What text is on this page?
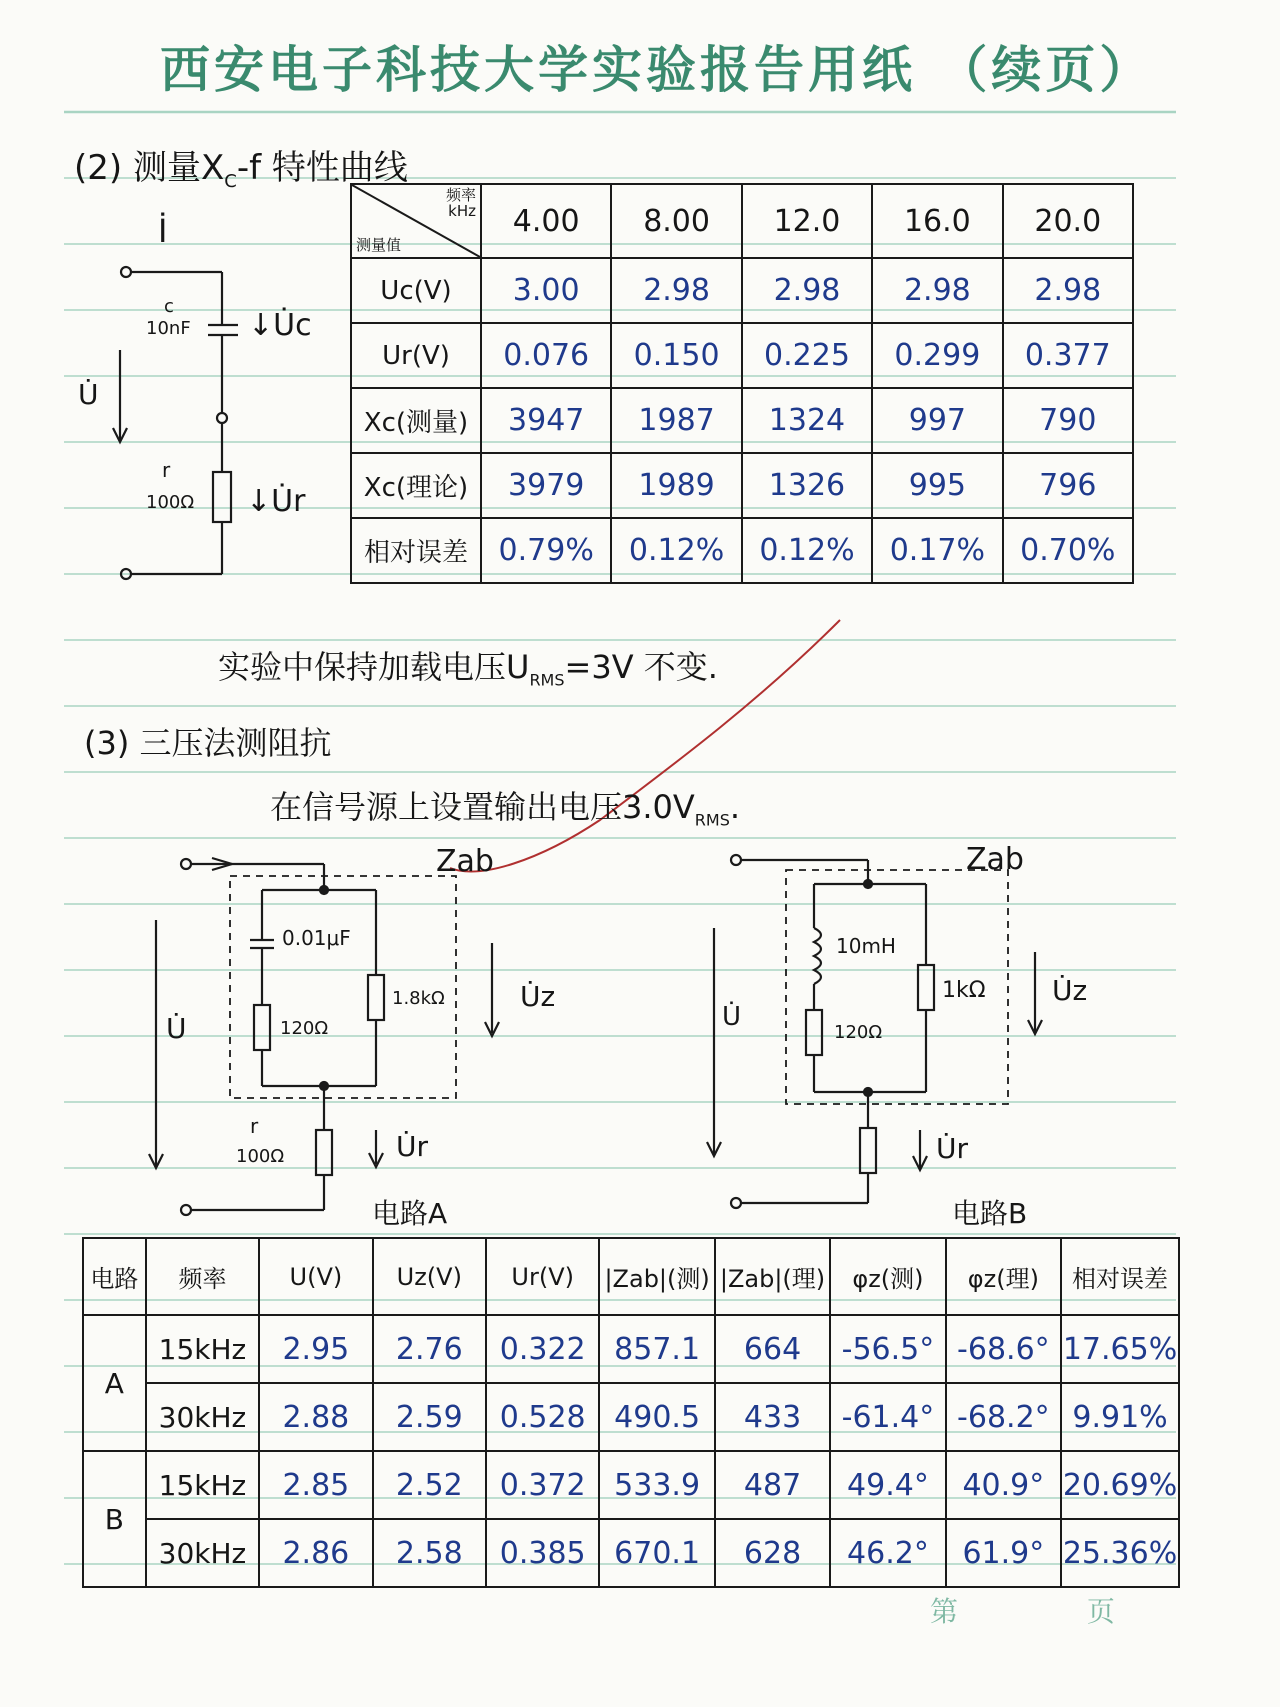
西安电子科技大学实验报告用纸 （续页）
(2) 测量$X_C-f$ 特性曲线
İ
c
10nF ↓U̇c
U̇
r
100Ω ↓U̇r
频率
kHz
测量值	4.00	8.00	12.0	16.0	20.0
Uc(V)	3.00	2.98	2.98	2.98	2.98
Ur(V)	0.076	0.150	0.225	0.299	0.377
Xc(测量)	3947	1987	1324	997	790
Xc(理论)	3979	1989	1326	995	796
相对误差	0.79%	0.12%	0.12%	0.17%	0.70%
实验中保持加载电压$U_{RMS}=3V$ 不变.
(3) 三压法测阻抗
在信号源上设置输出电压$3.0V_{RMS}$.
Zab
0.01μF
120Ω
1.8kΩ	U̇z
U̇
r
100Ω	U̇r
电路A
Zab
10mH
120Ω
1kΩ U̇z
U̇
U̇r
电路B
电路	频率	U(V)	Uz(V)	Ur(V)	|Zab|(测)	|Zab|(理)	φz(测)	φz(理)	相对误差
A	15kHz	2.95	2.76	0.322	857.1	664	-56.5°	-68.6°	17.65%
	30kHz	2.88	2.59	0.528	490.5	433	-61.4°	-68.2°	9.91%
B	15kHz	2.85	2.52	0.372	533.9	487	49.4°	40.9°	20.69%
	30kHz	2.86	2.58	0.385	670.1	628	46.2°	61.9°	25.36%
第 页
